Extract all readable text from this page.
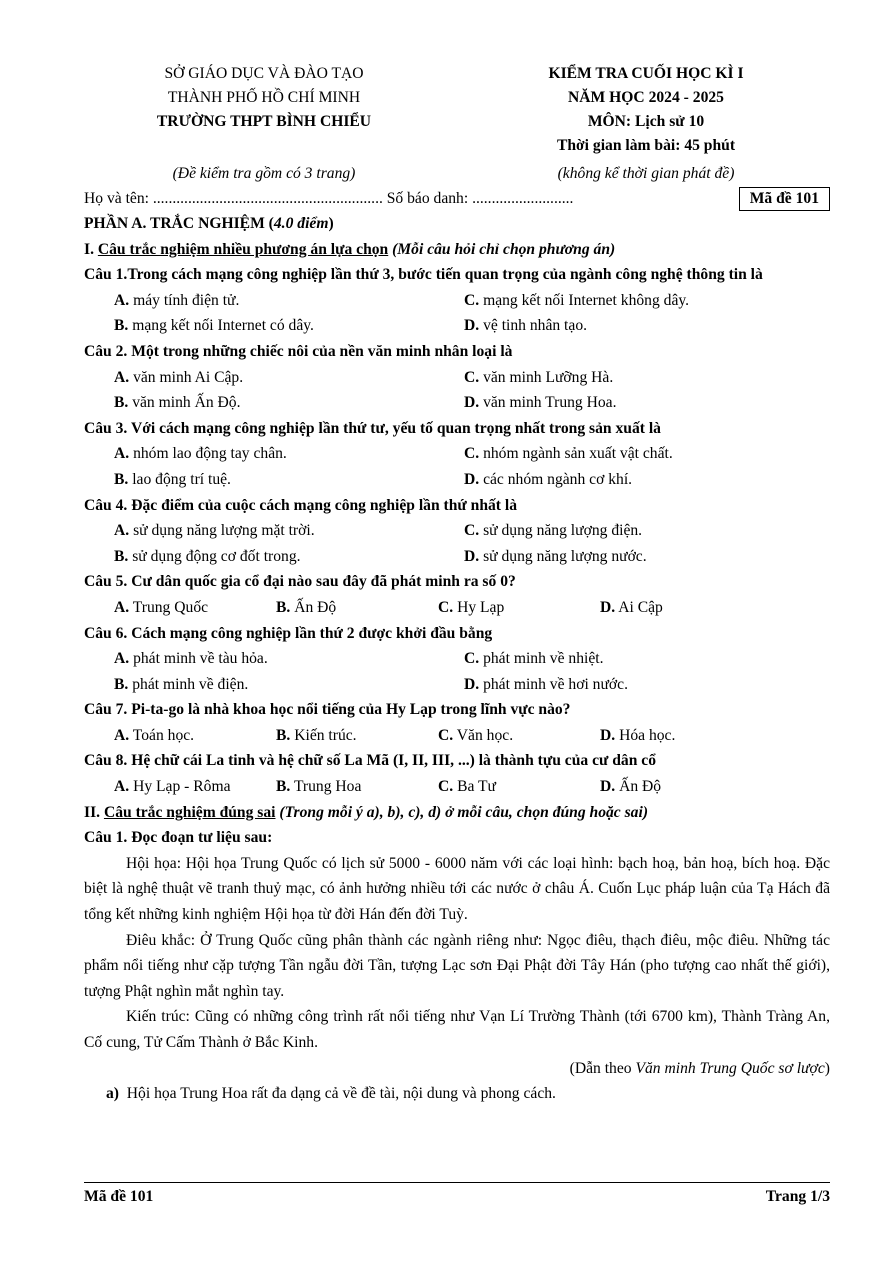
SỞ GIÁO DỤC VÀ ĐÀO TẠO
THÀNH PHỐ HỒ CHÍ MINH
TRƯỜNG THPT BÌNH CHIỂU
KIỂM TRA CUỐI HỌC KÌ I
NĂM HỌC 2024 - 2025
MÔN: Lịch sử 10
Thời gian làm bài: 45 phút
(Đề kiểm tra gồm có 3 trang)	(không kể thời gian phát đề)
Họ và tên: ........................................................... Số báo danh: ..........................	Mã đề 101
PHẦN A. TRẮC NGHIỆM (4.0 điểm)
I. Câu trắc nghiệm nhiều phương án lựa chọn (Mỗi câu hỏi chỉ chọn phương án)
Câu 1.Trong cách mạng công nghiệp lần thứ 3, bước tiến quan trọng của ngành công nghệ thông tin là
A. máy tính điện tử.	C. mạng kết nối Internet không dây.
B. mạng kết nối Internet có dây.	D. vệ tinh nhân tạo.
Câu 2. Một trong những chiếc nôi của nền văn minh nhân loại là
A. văn minh Ai Cập.	C. văn minh Lưỡng Hà.
B. văn minh Ấn Độ.	D. văn minh Trung Hoa.
Câu 3. Với cách mạng công nghiệp lần thứ tư, yếu tố quan trọng nhất trong sản xuất là
A. nhóm lao động tay chân.	C. nhóm ngành sản xuất vật chất.
B. lao động trí tuệ.	D. các nhóm ngành cơ khí.
Câu 4. Đặc điểm của cuộc cách mạng công nghiệp lần thứ nhất là
A. sử dụng năng lượng mặt trời.	C. sử dụng năng lượng điện.
B. sử dụng động cơ đốt trong.	D. sử dụng năng lượng nước.
Câu 5. Cư dân quốc gia cổ đại nào sau đây đã phát minh ra số 0?
A. Trung Quốc	B. Ấn Độ	C. Hy Lạp	D. Ai Cập
Câu 6. Cách mạng công nghiệp lần thứ 2 được khởi đầu bằng
A. phát minh về tàu hỏa.	C. phát minh về nhiệt.
B. phát minh về điện.	D. phát minh về hơi nước.
Câu 7. Pi-ta-go là nhà khoa học nổi tiếng của Hy Lạp trong lĩnh vực nào?
A. Toán học.	B. Kiến trúc.	C. Văn học.	D. Hóa học.
Câu 8. Hệ chữ cái La tinh và hệ chữ số La Mã (I, II, III, ...) là thành tựu của cư dân cổ
A. Hy Lạp - Rôma	B. Trung Hoa	C. Ba Tư	D. Ấn Độ
II. Câu trắc nghiệm đúng sai (Trong mỗi ý a), b), c), d) ở mỗi câu, chọn đúng hoặc sai)
Câu 1. Đọc đoạn tư liệu sau:
Hội họa: Hội họa Trung Quốc có lịch sử 5000 - 6000 năm với các loại hình: bạch hoạ, bản hoạ, bích hoạ. Đặc biệt là nghệ thuật vẽ tranh thuỷ mạc, có ảnh hưởng nhiều tới các nước ở châu Á. Cuốn Lục pháp luận của Tạ Hách đã tổng kết những kinh nghiệm Hội họa từ đời Hán đến đời Tuỳ.
Điêu khắc: Ở Trung Quốc cũng phân thành các ngành riêng như: Ngọc điêu, thạch điêu, mộc điêu. Những tác phẩm nổi tiếng như cặp tượng Tần ngẫu đời Tần, tượng Lạc sơn Đại Phật đời Tây Hán (pho tượng cao nhất thế giới), tượng Phật nghìn mắt nghìn tay.
Kiến trúc: Cũng có những công trình rất nổi tiếng như Vạn Lí Trường Thành (tới 6700 km), Thành Tràng An, Cố cung, Tử Cấm Thành ở Bắc Kinh.
(Dẫn theo Văn minh Trung Quốc sơ lược)
a) Hội họa Trung Hoa rất đa dạng cả về đề tài, nội dung và phong cách.
Mã đề 101	Trang 1/3
